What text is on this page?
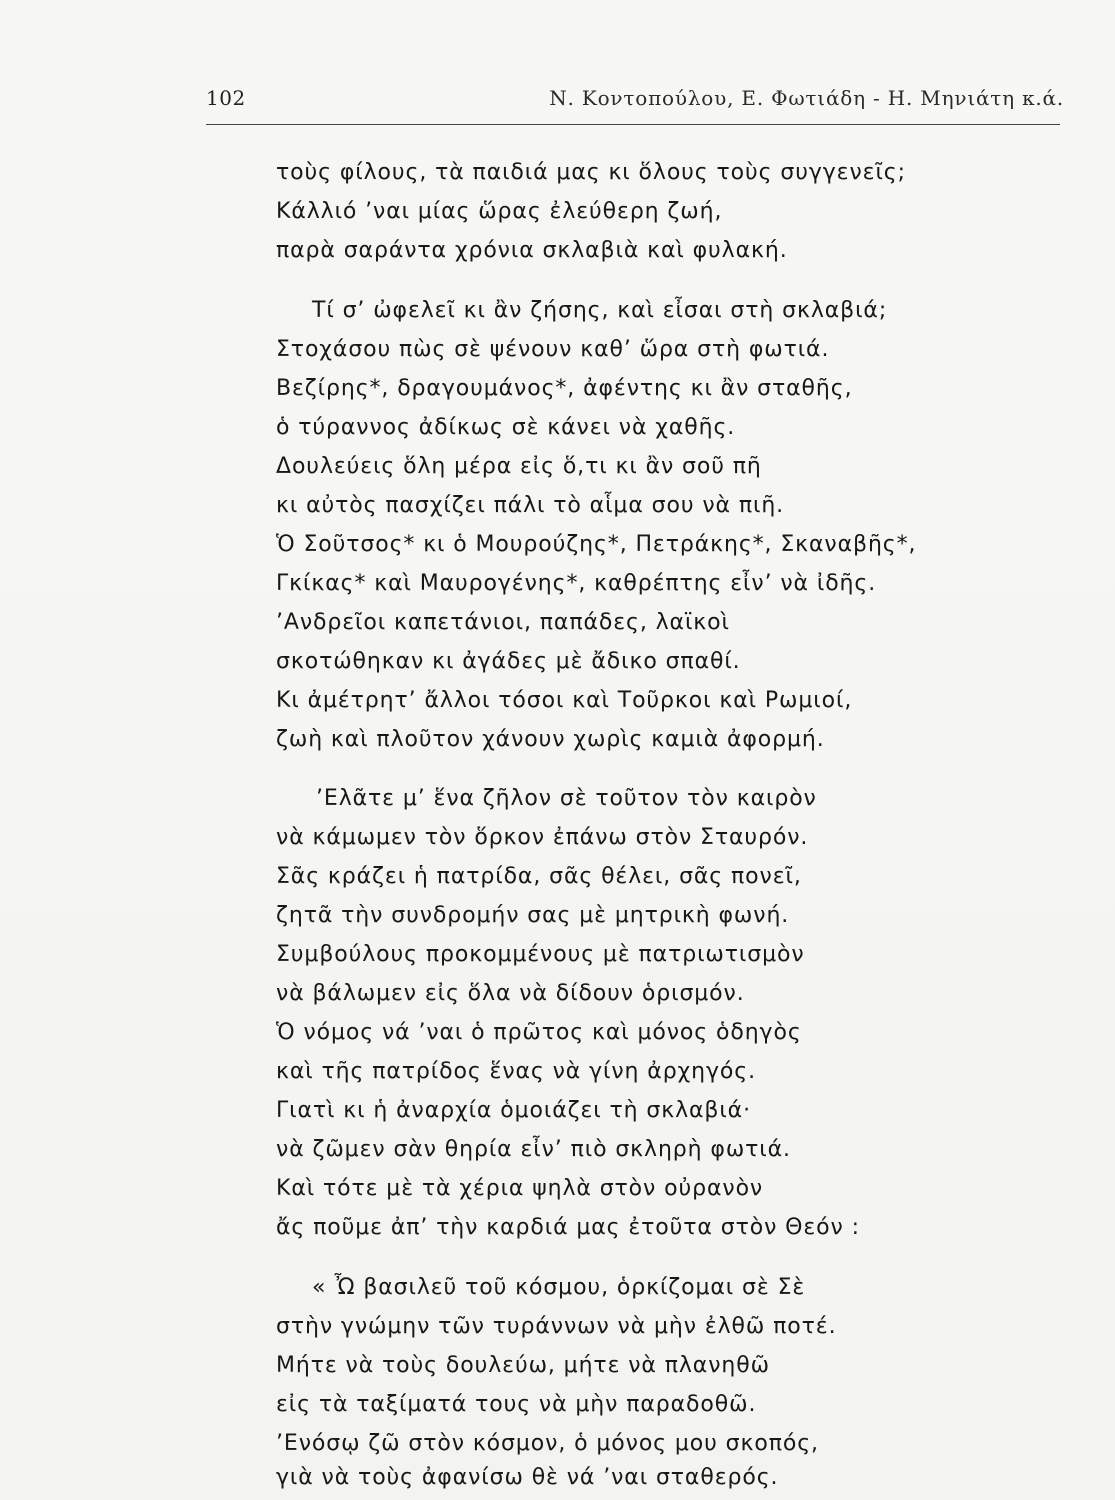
102	Ν. Κοντοπούλου, Ε. Φωτιάδη - Η. Μηνιάτη κ.ά.
τοὺς φίλους, τὰ παιδιά μας κι ὅλους τοὺς συγγενεῖς;
Κάλλιό ’ναι μίας ὥρας ἐλεύθερη ζωή,
παρὰ σαράντα χρόνια σκλαβιὰ καὶ φυλακή.
Τί σ’ ὠφελεῖ κι ἂν ζήσης, καὶ εἶσαι στὴ σκλαβιά;
Στοχάσου πὼς σὲ ψένουν καθ’ ὥρα στὴ φωτιά.
Βεζίρης*, δραγουμάνος*, ἀφέντης κι ἂν σταθῆς,
ὁ τύραννος ἀδίκως σὲ κάνει νὰ χαθῆς.
Δουλεύεις ὅλη μέρα εἰς ὅ,τι κι ἂν σοῦ πῆ
κι αὐτὸς πασχίζει πάλι τὸ αἷμα σου νὰ πιῆ.
Ὁ Σοῦτσος* κι ὁ Μουρούζης*, Πετράκης*, Σκαναβῆς*,
Γκίκας* καὶ Μαυρογένης*, καθρέπτης εἶν’ νὰ ἰδῆς.
’Ανδρεῖοι καπετάνιοι, παπάδες, λαϊκοὶ
σκοτώθηκαν κι ἀγάδες μὲ ἄδικο σπαθί.
Κι ἀμέτρητ’ ἄλλοι τόσοι καὶ Τοῦρκοι καὶ Ρωμιοί,
ζωὴ καὶ πλοῦτον χάνουν χωρὶς καμιὰ ἀφορμή.
’Ελᾶτε μ’ ἕνα ζῆλον σὲ τοῦτον τὸν καιρὸν
νὰ κάμωμεν τὸν ὅρκον ἐπάνω στὸν Σταυρόν.
Σᾶς κράζει ἡ πατρίδα, σᾶς θέλει, σᾶς πονεῖ,
ζητᾶ τὴν συνδρομήν σας μὲ μητρικὴ φωνή.
Συμβούλους προκομμένους μὲ πατριωτισμὸν
νὰ βάλωμεν εἰς ὅλα νὰ δίδουν ὁρισμόν.
Ὁ νόμος νά ’ναι ὁ πρῶτος καὶ μόνος ὁδηγὸς
καὶ τῆς πατρίδος ἕνας νὰ γίνη ἀρχηγός.
Γιατὶ κι ἡ ἀναρχία ὁμοιάζει τὴ σκλαβιά·
νὰ ζῶμεν σὰν θηρία εἶν’ πιὸ σκληρὴ φωτιά.
Καὶ τότε μὲ τὰ χέρια ψηλὰ στὸν οὐρανὸν
ἄς ποῦμε ἀπ’ τὴν καρδιά μας ἐτοῦτα στὸν Θεόν :
« Ὦ βασιλεῦ τοῦ κόσμου, ὁρκίζομαι σὲ Σὲ
στὴν γνώμην τῶν τυράννων νὰ μὴν ἐλθῶ ποτέ.
Μήτε νὰ τοὺς δουλεύω, μήτε νὰ πλανηθῶ
εἰς τὰ ταξίματά τους νὰ μὴν παραδοθῶ.
’Ενόσῳ ζῶ στὸν κόσμον, ὁ μόνος μου σκοπός,
γιὰ νὰ τοὺς ἀφανίσω θὲ νά ’ναι σταθερός.
